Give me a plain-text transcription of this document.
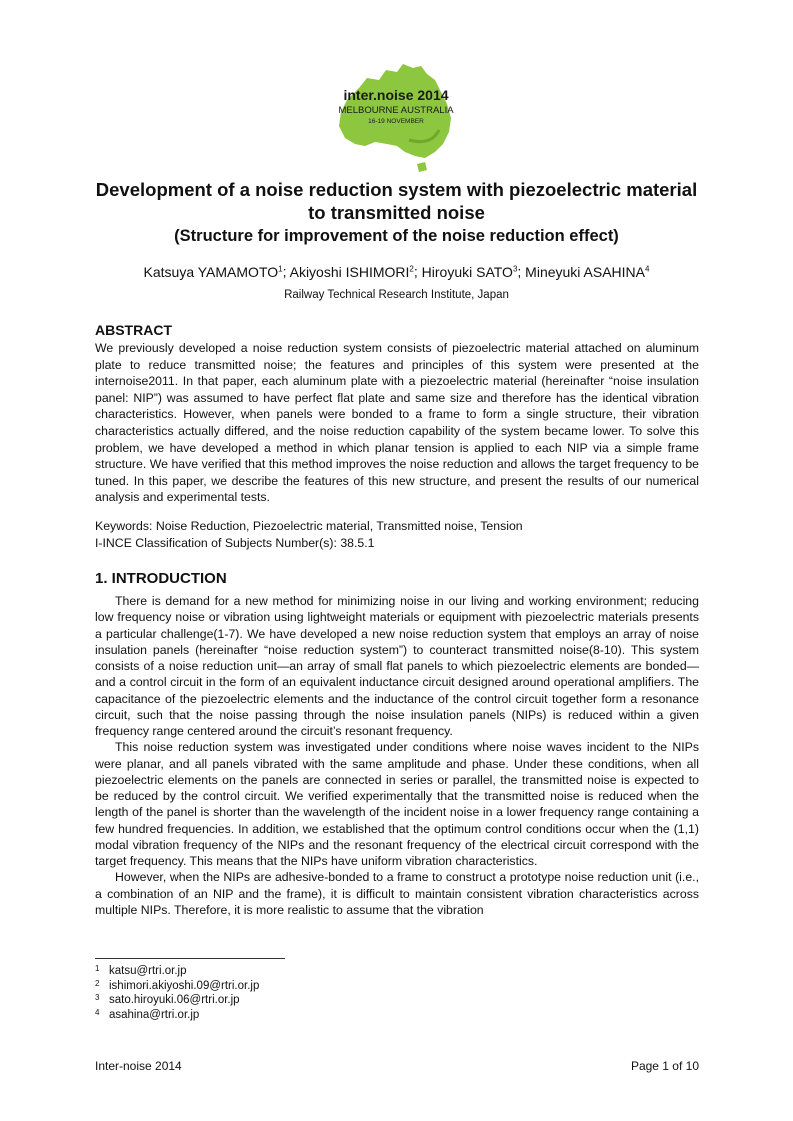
inter.noise 2014
MELBOURNE AUSTRALIA
16-19 NOVEMBER
Development of a noise reduction system with piezoelectric material
to transmitted noise
(Structure for improvement of the noise reduction effect)
Katsuya YAMAMOTO$^1$; Akiyoshi ISHIMORI$^2$; Hiroyuki SATO$^3$; Mineyuki ASAHINA$^4$
Railway Technical Research Institute, Japan
ABSTRACT
We previously developed a noise reduction system consists of piezoelectric material attached on aluminum plate to reduce transmitted noise; the features and principles of this system were presented at the internoise2011. In that paper, each aluminum plate with a piezoelectric material (hereinafter “noise insulation panel: NIP”) was assumed to have perfect flat plate and same size and therefore has the identical vibration characteristics. However, when panels were bonded to a frame to form a single structure, their vibration characteristics actually differed, and the noise reduction capability of the system became lower. To solve this problem, we have developed a method in which planar tension is applied to each NIP via a simple frame structure. We have verified that this method improves the noise reduction and allows the target frequency to be tuned. In this paper, we describe the features of this new structure, and present the results of our numerical analysis and experimental tests.
Keywords: Noise Reduction, Piezoelectric material, Transmitted noise, Tension
I-INCE Classification of Subjects Number(s): 38.5.1
1. INTRODUCTION

There is demand for a new method for minimizing noise in our living and working environment; reducing low frequency noise or vibration using lightweight materials or equipment with piezoelectric materials presents a particular challenge(1-7). We have developed a new noise reduction system that employs an array of noise insulation panels (hereinafter “noise reduction system”) to counteract transmitted noise(8-10). This system consists of a noise reduction unit—an array of small flat panels to which piezoelectric elements are bonded—and a control circuit in the form of an equivalent inductance circuit designed around operational amplifiers. The capacitance of the piezoelectric elements and the inductance of the control circuit together form a resonance circuit, such that the noise passing through the noise insulation panels (NIPs) is reduced within a given frequency range centered around the circuit’s resonant frequency.

This noise reduction system was investigated under conditions where noise waves incident to the NIPs were planar, and all panels vibrated with the same amplitude and phase. Under these conditions, when all piezoelectric elements on the panels are connected in series or parallel, the transmitted noise is expected to be reduced by the control circuit. We verified experimentally that the transmitted noise is reduced when the length of the panel is shorter than the wavelength of the incident noise in a lower frequency range containing a few hundred frequencies. In addition, we established that the optimum control conditions occur when the (1,1) modal vibration frequency of the NIPs and the resonant frequency of the electrical circuit correspond with the target frequency. This means that the NIPs have uniform vibration characteristics.

However, when the NIPs are adhesive-bonded to a frame to construct a prototype noise reduction unit (i.e., a combination of an NIP and the frame), it is difficult to maintain consistent vibration characteristics across multiple NIPs. Therefore, it is more realistic to assume that the vibration

1 katsu@rtri.or.jp
2 ishimori.akiyoshi.09@rtri.or.jp
3 sato.hiroyuki.06@rtri.or.jp
4 asahina@rtri.or.jp
Inter-noise 2014	Page 1 of 10
